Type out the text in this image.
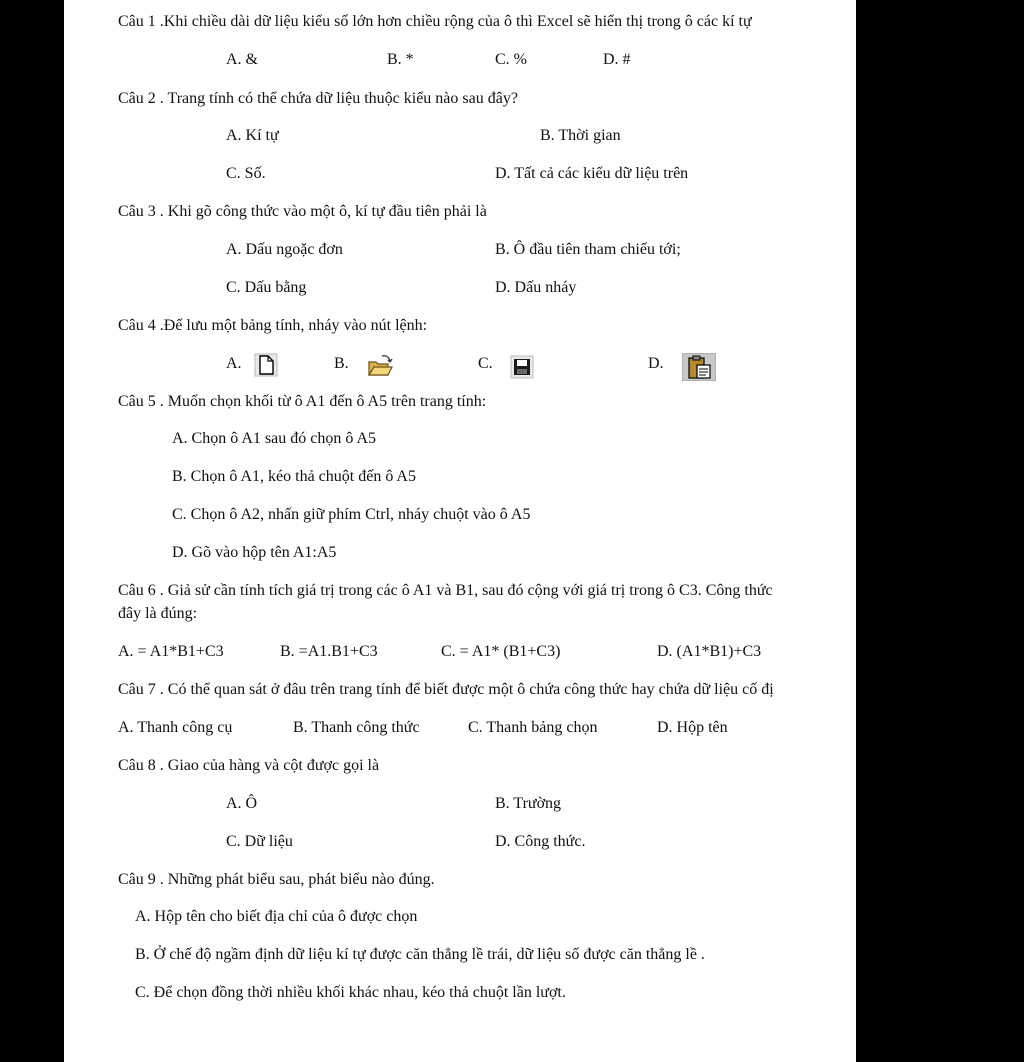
Câu 1 .Khi chiều dài dữ liệu kiểu số lớn hơn chiều rộng của ô thì Excel sẽ hiển thị trong ô các kí tự
A. &	B. *	C. %	D. #
Câu 2 . Trang tính có thể chứa dữ liệu thuộc kiểu nào sau đây?
A. Kí tự	B. Thời gian
C. Số.	D. Tất cả các kiểu dữ liệu trên
Câu 3 . Khi gõ công thức vào một ô, kí tự đầu tiên phải là
A. Dấu ngoặc đơn	B. Ô đầu tiên tham chiếu tới;
C. Dấu bằng	D. Dấu nháy
Câu 4 .Để lưu một bảng tính, nháy vào nút lệnh:
A.	B.	C.	D.
Câu 5 . Muốn chọn khối từ ô A1 đến ô A5 trên trang tính:
A. Chọn ô A1 sau đó chọn ô A5
B. Chọn ô A1, kéo thả chuột đến ô A5
C. Chọn ô A2, nhấn giữ phím Ctrl, nháy chuột vào ô A5
D. Gõ vào hộp tên A1:A5
Câu 6 . Giả sử cần tính tích giá trị trong các ô A1 và B1, sau đó cộng với giá trị trong ô C3. Công thức
đây là đúng:
A. = A1*B1+C3	B. =A1.B1+C3	C. = A1* (B1+C3)	D. (A1*B1)+C3
Câu 7 . Có thể quan sát ở đâu trên trang tính để biết được một ô chứa công thức hay chứa dữ liệu cố đị
A. Thanh công cụ	B. Thanh công thức	C. Thanh bảng chọn	D. Hộp tên
Câu 8 . Giao của hàng và cột được gọi là
A. Ô	B. Trường
C. Dữ liệu	D. Công thức.
Câu 9 . Những phát biểu sau, phát biểu nào đúng.
A. Hộp tên cho biết địa chỉ của ô được chọn
B. Ở chế độ ngầm định dữ liệu kí tự được căn thẳng lề trái, dữ liệu số được căn thẳng lề .
C. Để chọn đồng thời nhiều khối khác nhau, kéo thả chuột lần lượt.
